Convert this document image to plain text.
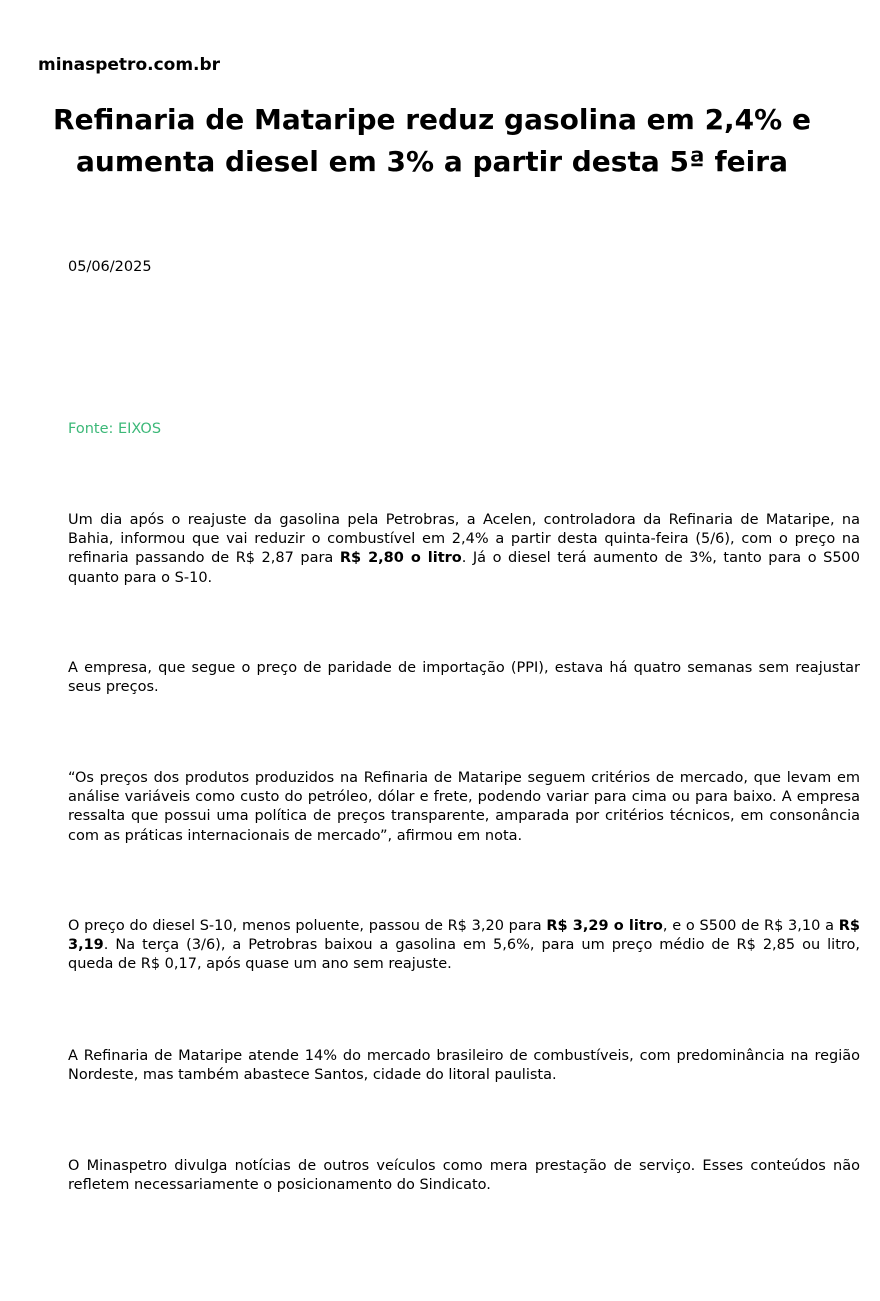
minaspetro.com.br
Refinaria de Mataripe reduz gasolina em 2,4% e
aumenta diesel em 3% a partir desta 5ª feira

05/06/2025

Fonte: EIXOS

Um dia após o reajuste da gasolina pela Petrobras, a Acelen, controladora da Refinaria de Mataripe, na Bahia, informou que vai reduzir o combustível em 2,4% a partir desta quinta-feira (5/6), com o preço na refinaria passando de R$ 2,87 para R$ 2,80 o litro. Já o diesel terá aumento de 3%, tanto para o S500 quanto para o S-10.

A empresa, que segue o preço de paridade de importação (PPI), estava há quatro semanas sem reajustar seus preços.

“Os preços dos produtos produzidos na Refinaria de Mataripe seguem critérios de mercado, que levam em análise variáveis como custo do petróleo, dólar e frete, podendo variar para cima ou para baixo. A empresa ressalta que possui uma política de preços transparente, amparada por critérios técnicos, em consonância com as práticas internacionais de mercado”, afirmou em nota.

O preço do diesel S-10, menos poluente, passou de R$ 3,20 para R$ 3,29 o litro, e o S500 de R$ 3,10 a R$ 3,19. Na terça (3/6), a Petrobras baixou a gasolina em 5,6%, para um preço médio de R$ 2,85 ou litro, queda de R$ 0,17, após quase um ano sem reajuste.

A Refinaria de Mataripe atende 14% do mercado brasileiro de combustíveis, com predominância na região Nordeste, mas também abastece Santos, cidade do litoral paulista.

O Minaspetro divulga notícias de outros veículos como mera prestação de serviço. Esses conteúdos não refletem necessariamente o posicionamento do Sindicato.
